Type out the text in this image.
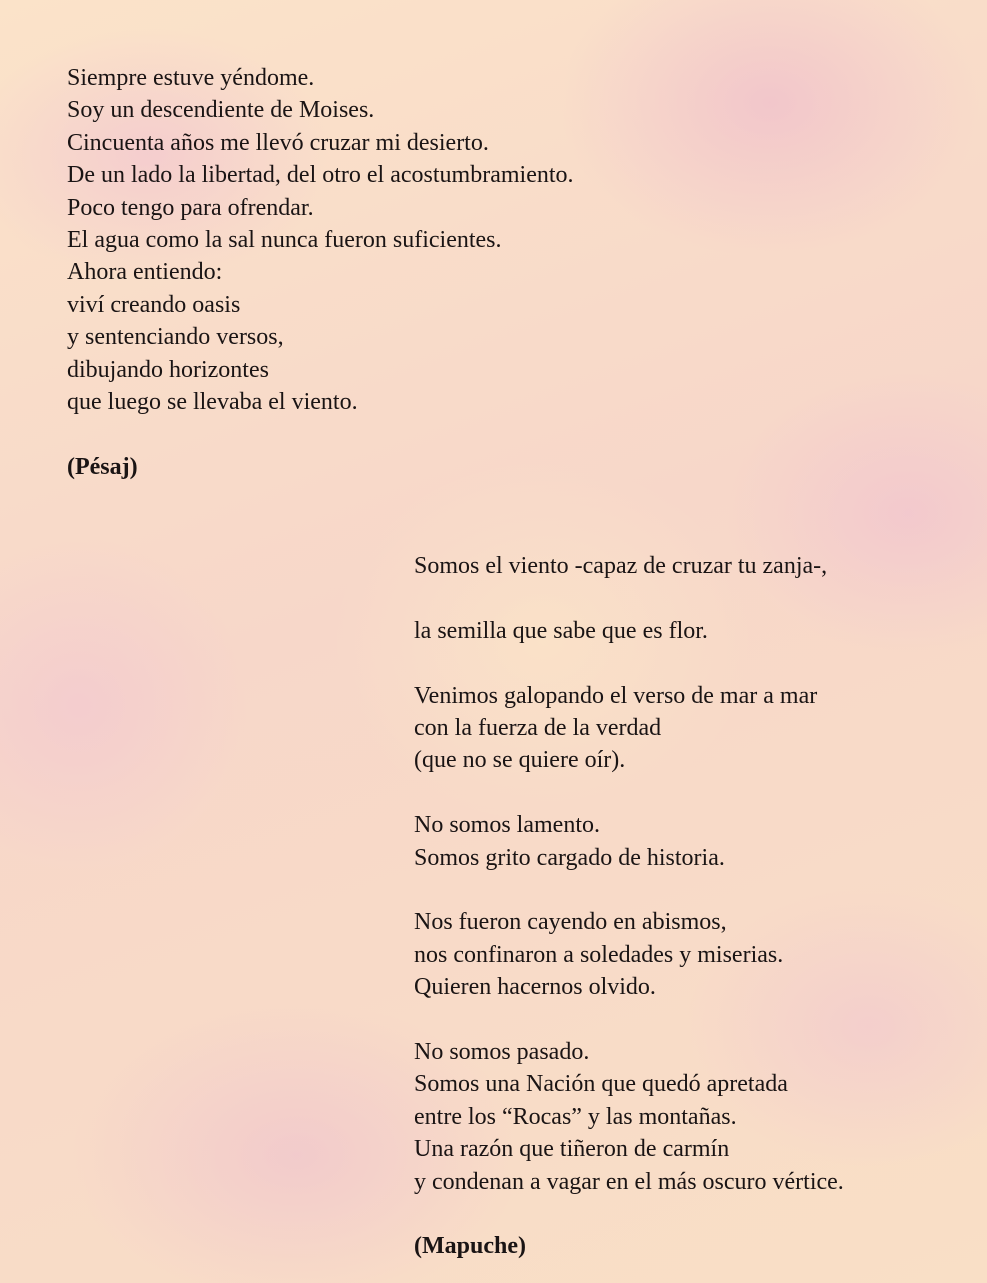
Siempre estuve yéndome.
Soy un descendiente de Moises.
Cincuenta años me llevó cruzar mi desierto.
De un lado la libertad, del otro el acostumbramiento.
Poco tengo para ofrendar.
El agua como la sal nunca fueron suficientes.
Ahora entiendo:
viví creando oasis
y sentenciando versos,
dibujando horizontes
que luego se llevaba el viento.
(Pésaj)
Somos el viento -capaz de cruzar tu zanja-,
la semilla que sabe que es flor.
Venimos galopando el verso de mar a mar
con la fuerza de la verdad
(que no se quiere oír).
No somos lamento.
Somos grito cargado de historia.
Nos fueron cayendo en abismos,
nos confinaron a soledades y miserias.
Quieren hacernos olvido.
No somos pasado.
Somos una Nación que quedó apretada
entre los “Rocas” y las montañas.
Una razón que tiñeron de carmín
y condenan a vagar en el más oscuro vértice.
(Mapuche)
